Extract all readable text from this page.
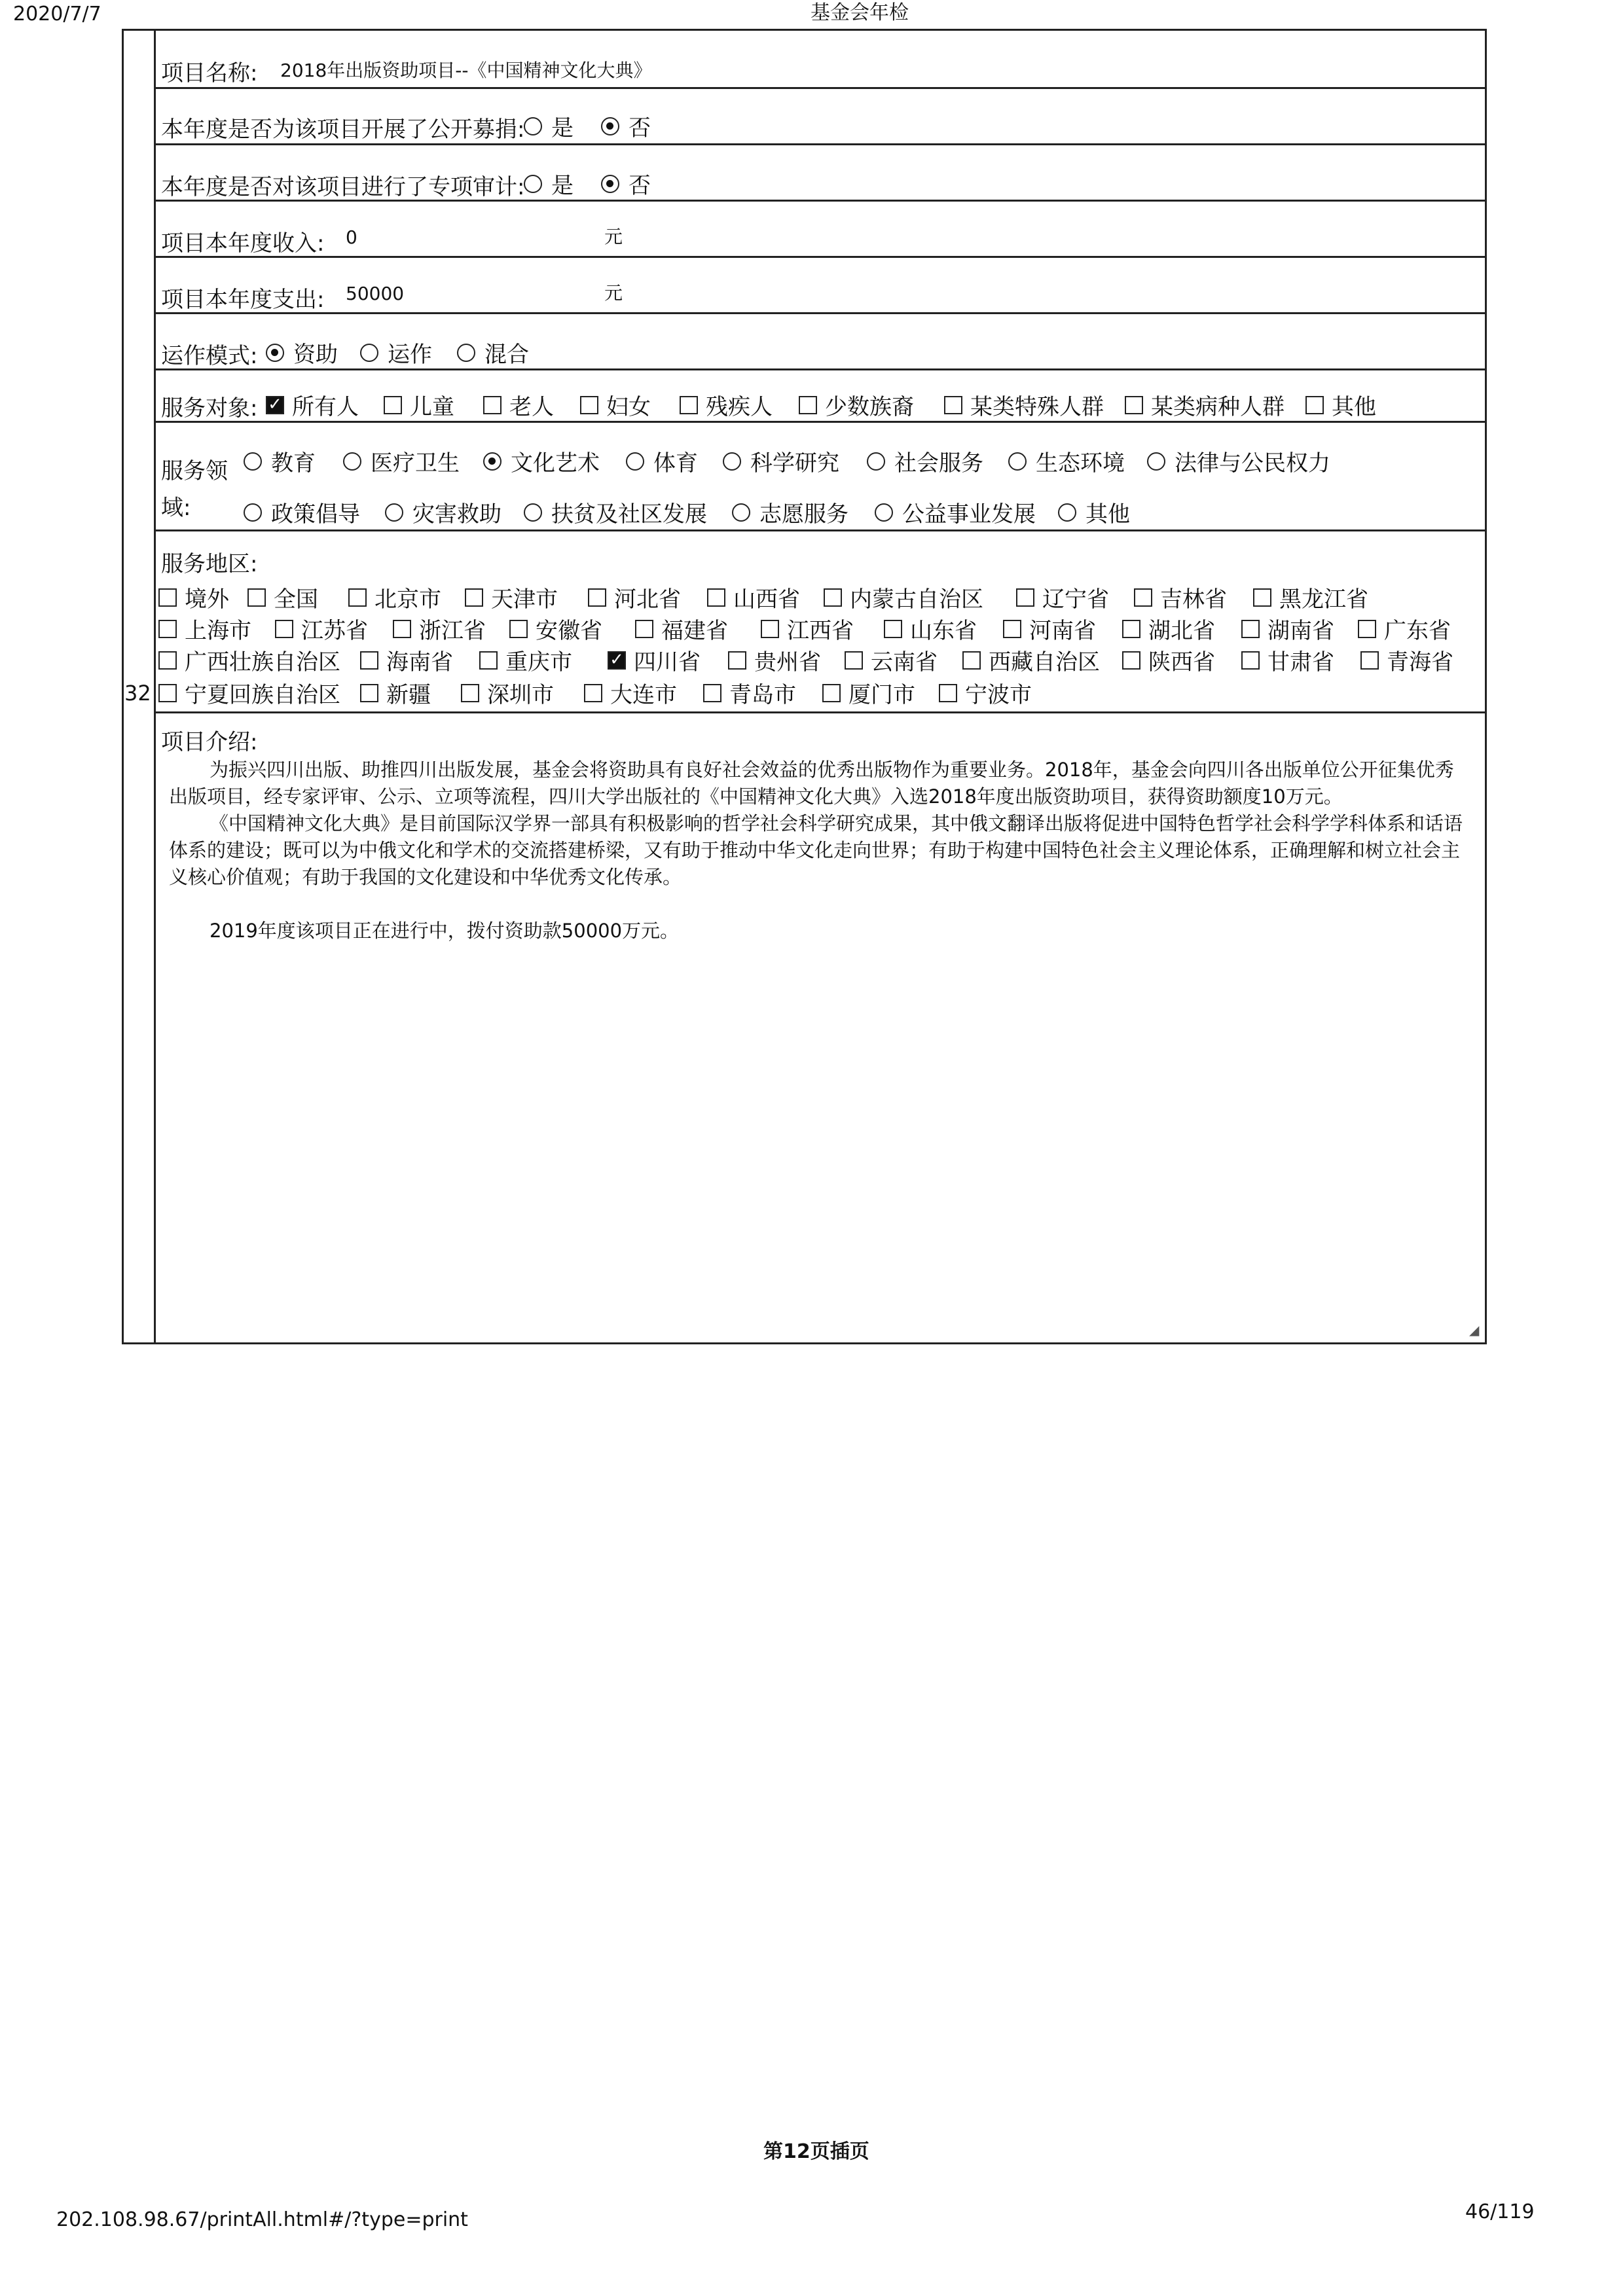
2020/7/7	基金会年检
32
项目名称: 2018年出版资助项目--《中国精神文化大典》
本年度是否为该项目开展了公开募捐: 是 否
本年度是否对该项目进行了专项审计: 是 否
项目本年度收入: 0	元
项目本年度支出: 50000	元
运作模式: 资助 运作 混合
服务对象: ✓ 所有人 儿童 老人 妇女 残疾人 少数族裔	某类特殊人群 某类病种人群 其他
服务领
域:
教育 医疗卫生 文化艺术 体育 科学研究 社会服务 生态环境 法律与公民权力
政策倡导 灾害救助 扶贫及社区发展 志愿服务 公益事业发展 其他
服务地区:
境外 全国	北京市 天津市	河北省 山西省 内蒙古自治区	辽宁省 吉林省 黑龙江省
上海市 江苏省 浙江省 安徽省	福建省	江西省	山东省 河南省 湖北省 湖南省 广东省
广西壮族自治区 海南省 重庆市 ✓ 四川省 贵州省 云南省 西藏自治区 陕西省 甘肃省 青海省
宁夏回族自治区 新疆	深圳市	大连市 青岛市 厦门市 宁波市
项目介绍:
为振兴四川出版、助推四川出版发展，基金会将资助具有良好社会效益的优秀出版物作为重要业务。2018年，基金会向四川各出版单位公开征集优秀出版项目，经专家评审、公示、立项等流程，四川大学出版社的《中国精神文化大典》入选2018年度出版资助项目，获得资助额度10万元。
《中国精神文化大典》是目前国际汉学界一部具有积极影响的哲学社会科学研究成果，其中俄文翻译出版将促进中国特色哲学社会科学学科体系和话语体系的建设；既可以为中俄文化和学术的交流搭建桥梁，又有助于推动中华文化走向世界；有助于构建中国特色社会主义理论体系，正确理解和树立社会主义核心价值观；有助于我国的文化建设和中华优秀文化传承。
2019年度该项目正在进行中，拨付资助款50000万元。
◢
第12页插页
202.108.98.67/printAll.html#/?type=print	46/119
